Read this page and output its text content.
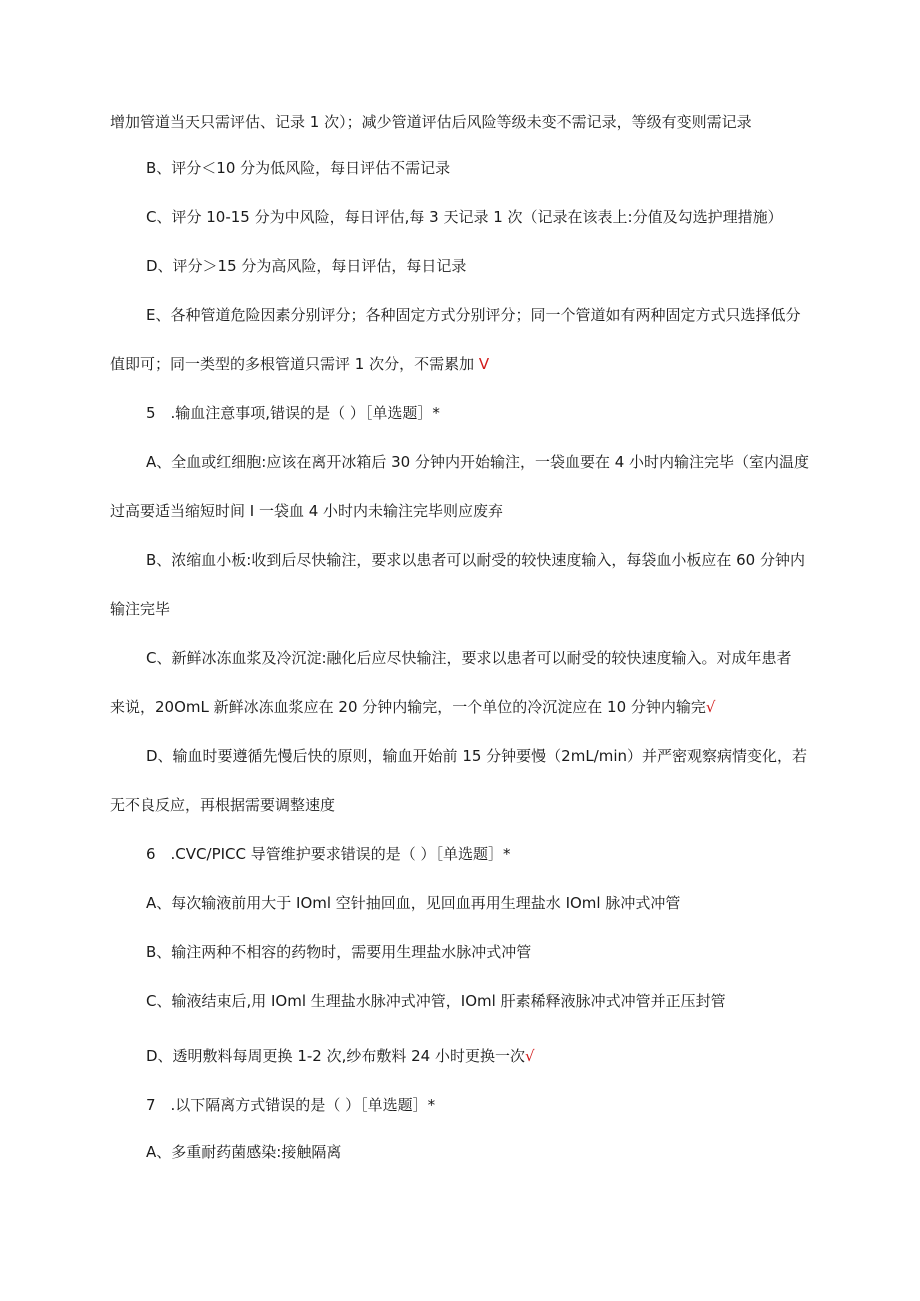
增加管道当天只需评估、记录 1 次）；减少管道评估后风险等级未变不需记录，等级有变则需记录
B、评分＜10 分为低风险，每日评估不需记录
C、评分 10-15 分为中风险，每日评估,每 3 天记录 1 次（记录在该表上:分值及勾选护理措施）
D、评分＞15 分为高风险，每日评估，每日记录
E、各种管道危险因素分别评分；各种固定方式分别评分；同一个管道如有两种固定方式只选择低分
值即可；同一类型的多根管道只需评 1 次分，不需累加 V
5　.输血注意事项,错误的是（ ）［单选题］*
A、全血或红细胞:应该在离开冰箱后 30 分钟内开始输注，一袋血要在 4 小时内输注完毕（室内温度
过高要适当缩短时间 I 一袋血 4 小时内未输注完毕则应废弃
B、浓缩血小板:收到后尽快输注，要求以患者可以耐受的较快速度输入，每袋血小板应在 60 分钟内
输注完毕
C、新鲜冰冻血浆及冷沉淀:融化后应尽快输注，要求以患者可以耐受的较快速度输入。对成年患者
来说，20OmL 新鲜冰冻血浆应在 20 分钟内输完，一个单位的冷沉淀应在 10 分钟内输完√
D、输血时要遵循先慢后快的原则，输血开始前 15 分钟要慢（2mL/min）并严密观察病情变化，若
无不良反应，再根据需要调整速度
6　.CVC/PICC 导管维护要求错误的是（ ）［单选题］*
A、每次输液前用大于 IOml 空针抽回血，见回血再用生理盐水 IOml 脉冲式冲管
B、输注两种不相容的药物时，需要用生理盐水脉冲式冲管
C、输液结束后,用 IOml 生理盐水脉冲式冲管，IOml 肝素稀释液脉冲式冲管并正压封管
D、透明敷料每周更换 1-2 次,纱布敷料 24 小时更换一次√
7　.以下隔离方式错误的是（ ）［单选题］*
A、多重耐药菌感染:接触隔离
